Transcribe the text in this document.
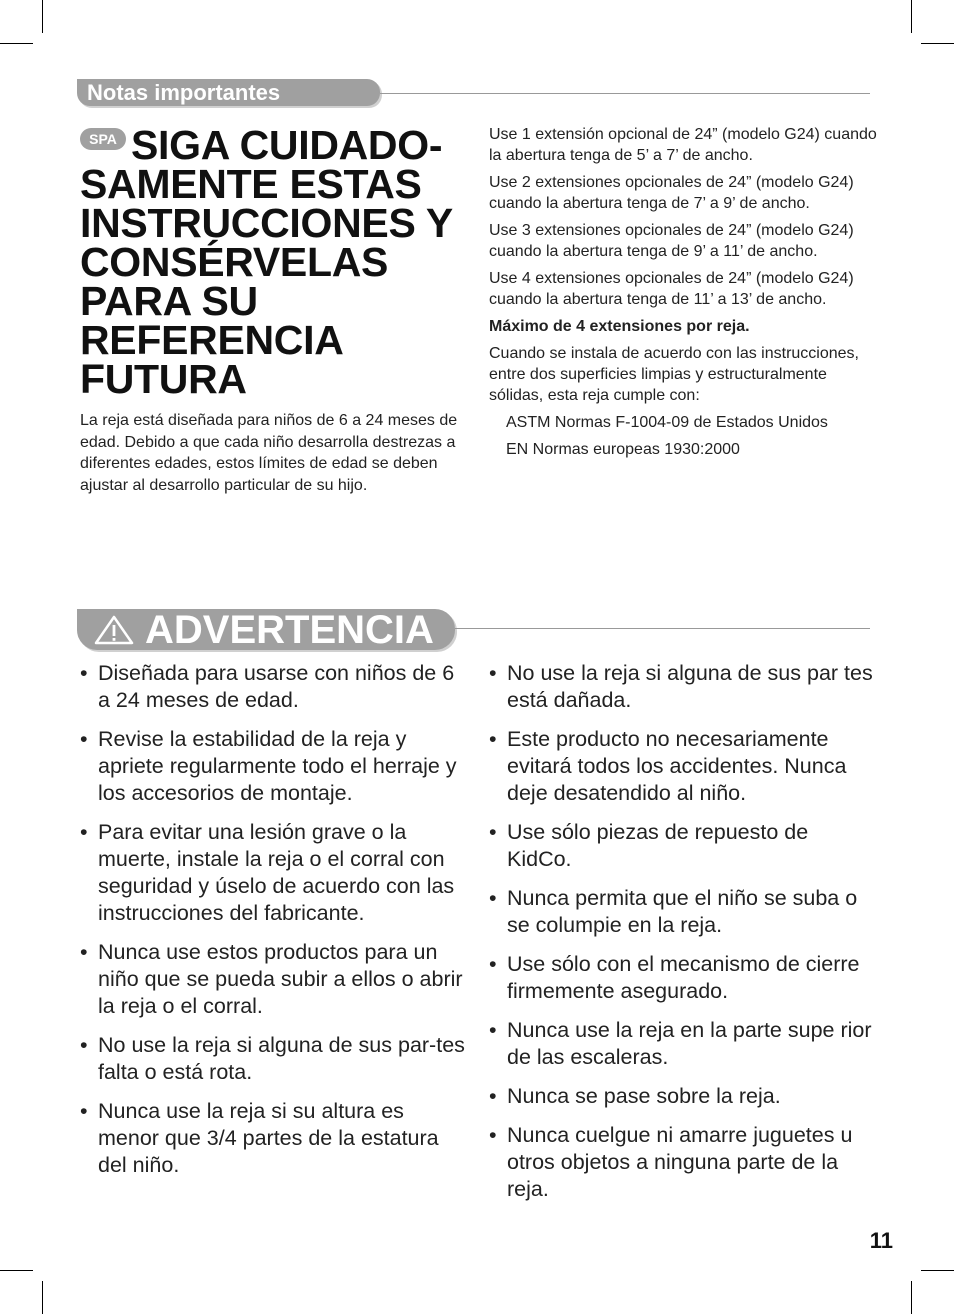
Notas importantes
SPA SIGA CUIDADO-SAMENTE ESTAS INSTRUCCIONES Y CONSÉRVELAS PARA SU REFERENCIA FUTURA

La reja está diseñada para niños de 6 a 24 meses de edad. Debido a que cada niño desarrolla destrezas a diferentes edades, estos límites de edad se deben ajustar al desarrollo particular de su hijo.

Use 1 extensión opcional de 24” (modelo G24) cuando la abertura tenga de 5’ a 7’ de ancho.

Use 2 extensiones opcionales de 24” (modelo G24) cuando la abertura tenga de 7’ a 9’ de ancho.

Use 3 extensiones opcionales de 24” (modelo G24) cuando la abertura tenga de 9’ a 11’ de ancho.

Use 4 extensiones opcionales de 24” (modelo G24) cuando la abertura tenga de 11’ a 13’ de ancho.

Máximo de 4 extensiones por reja.

Cuando se instala de acuerdo con las instrucciones, entre dos superficies limpias y estructuralmente sólidas, esta reja cumple con:

ASTM Normas F-1004-09 de Estados Unidos

EN Normas europeas 1930:2000

ADVERTENCIA
• Diseñada para usarse con niños de 6 a 24 meses de edad.
• Revise la estabilidad de la reja y apriete regularmente todo el herraje y los accesorios de montaje.
• Para evitar una lesión grave o la muerte, instale la reja o el corral con seguridad y úselo de acuerdo con las instrucciones del fabricante.
• Nunca use estos productos para un niño que se pueda subir a ellos o abrir la reja o el corral.
• No use la reja si alguna de sus par-tes falta o está rota.
• Nunca use la reja si su altura es menor que 3/4 partes de la estatura del niño.
• No use la reja si alguna de sus par tes está dañada.
• Este producto no necesariamente evitará todos los accidentes. Nunca deje desatendido al niño.
• Use sólo piezas de repuesto de KidCo.
• Nunca permita que el niño se suba o se columpie en la reja.
• Use sólo con el mecanismo de cierre firmemente asegurado.
• Nunca use la reja en la parte supe rior de las escaleras.
• Nunca se pase sobre la reja.
• Nunca cuelgue ni amarre juguetes u otros objetos a ninguna parte de la reja.
11
